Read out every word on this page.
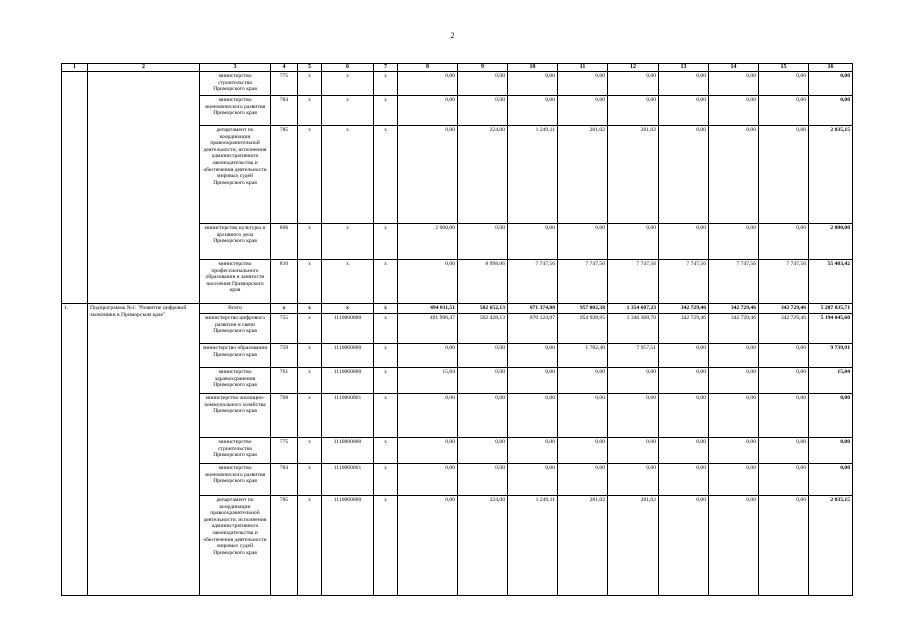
2
1	2	3	4	5	6	7	8	9	10	11	12	13	14	15	16
		министерство строительства Приморского края	775	x	x	x	0,00	0,00	0,00	0,00	0,00	0,00	0,00	0,00	0,00
		министерство экономического развития Приморского края	784	x	x	x	0,00	0,00	0,00	0,00	0,00	0,00	0,00	0,00	0,00
		департамент по координации правоохранительной деятельности, исполнения административного законодательства и обеспечения деятельности мировых судей Приморского края	785	x	x	x	0,00	224,00	1 249,11	281,02	281,02	0,00	0,00	0,00	2 035,15
		министерство культуры и архивного дела Приморского края	806	x	x	x	2 000,00	0,00	0,00	0,00	0,00	0,00	0,00	0,00	2 000,00
		министерство профессионального образования и занятости населения Приморского края	810	x	x	x	0,00	8 998,06	7 747,56	7 747,56	7 747,56	7 747,56	7 747,56	7 747,56	55 483,42
1.	Подпрограмма №1: "Развитие цифровой экономики в Приморском крае"	Всего	x	x	x	x	494 011,51	502 652,13	871 374,08	957 002,38	1 354 607,23	342 729,46	342 729,46	342 729,46	5 207 835,71
		министерство цифрового развития и связи Приморского края	755	x	1110000000	x	491 996,47	502 428,13	870 124,97	954 938,95	1 346 368,70	342 729,46	342 729,46	342 729,46	5 194 045,60
		министерство образования Приморского края	759	x	1110000000	x	0,00	0,00	0,00	1 782,40	7 957,51	0,00	0,00	0,00	9 739,91
		министерство здравоохранения Приморского края	761	x	1110000000	x	15,04	0,00	0,00	0,00	0,00	0,00	0,00	0,00	15,04
		министерство жилищно-коммунального хозяйства Приморского края	768	x	1110000001	x	0,00	0,00	0,00	0,00	0,00	0,00	0,00	0,00	0,00
		министерство строительства Приморского края	775	x	1110000000	x	0,00	0,00	0,00	0,00	0,00	0,00	0,00	0,00	0,00
		министерство экономического развития Приморского края	784	x	1110000001	x	0,00	0,00	0,00	0,00	0,00	0,00	0,00	0,00	0,00
		департамент по координации правоохранительной деятельности, исполнения административного законодательства и обеспечения деятельности мировых судей Приморского края	785	x	1110000000	x	0,00	224,00	1 249,11	281,02	281,02	0,00	0,00	0,00	2 035,15
